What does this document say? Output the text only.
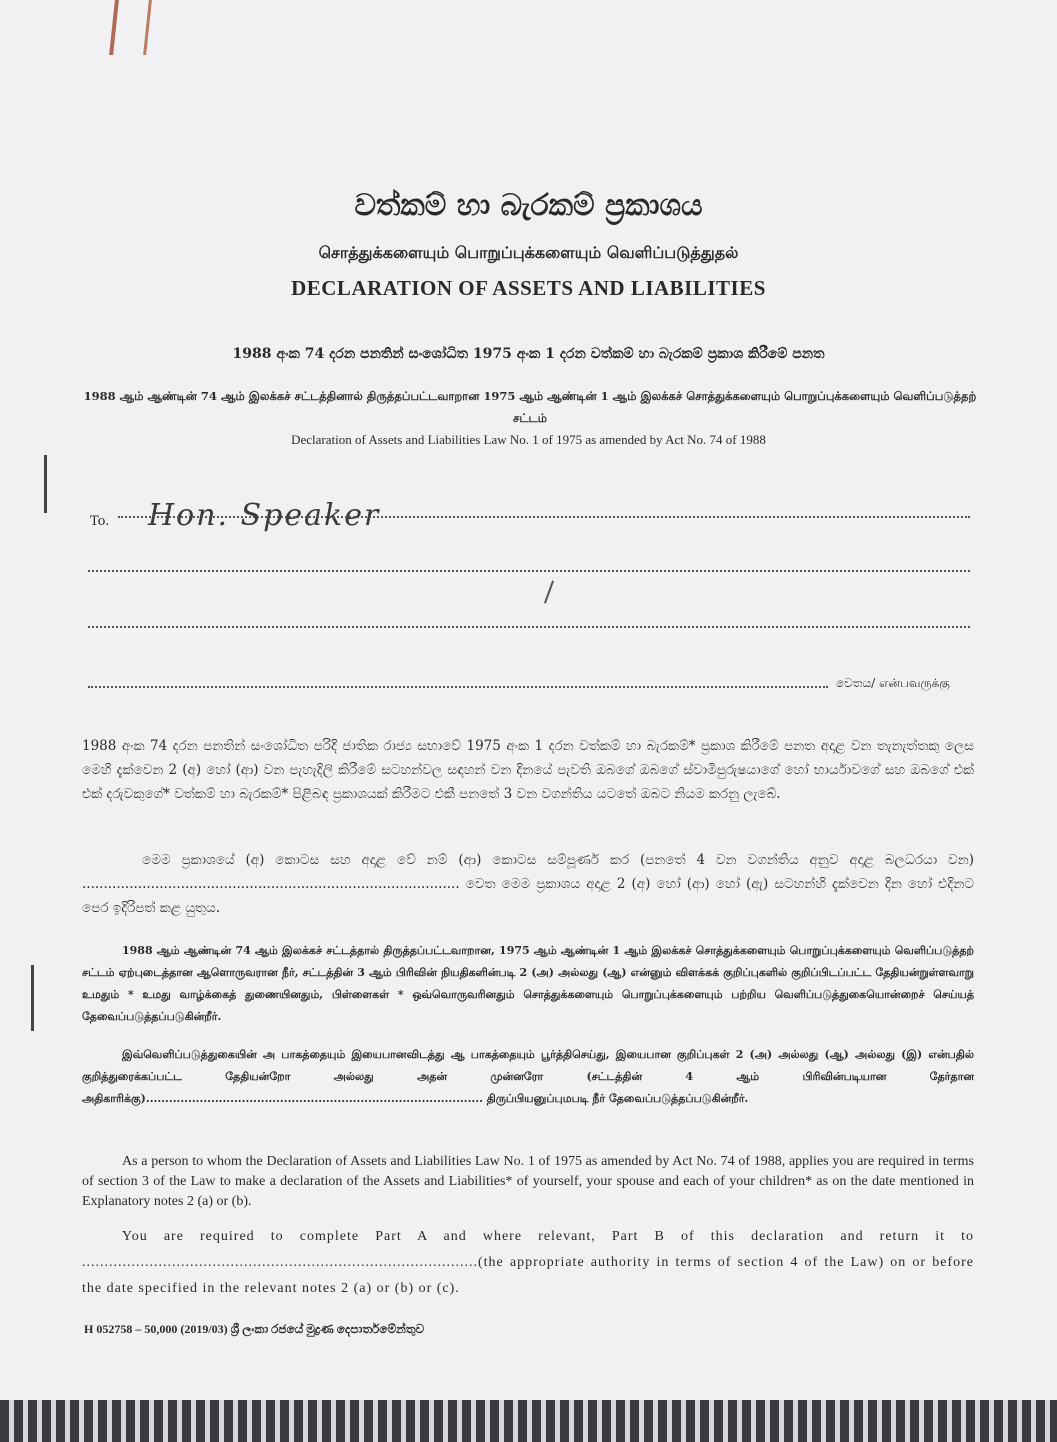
වත්කම් හා බැරකම් ප්‍රකාශය
சொத்துக்களையும் பொறுப்புக்களையும் வெளிப்படுத்துதல்
DECLARATION OF ASSETS AND LIABILITIES
1988 අංක 74 දරන පනතින් සංශෝධිත 1975 අංක 1 දරන වත්කම් හා බැරකම් ප්‍රකාශ කිරීමේ පනත
1988 ஆம் ஆண்டின் 74 ஆம் இலக்கச் சட்டத்தினால் திருத்தப்பட்டவாறான 1975 ஆம் ஆண்டின் 1 ஆம் இலக்கச் சொத்துக்களையும் பொறுப்புக்களையும் வெளிப்படுத்தற் சட்டம்
Declaration of Assets and Liabilities Law No. 1 of 1975 as amended by Act No. 74 of 1988
To. Hon. Speaker
වෙතය/ என்பவருக்கு
1988 අංක 74 දරන පනතින් සංශෝධිත පරිදි ජාතික රාජ්‍ය සභාවේ 1975 අංක 1 දරන වත්කම් හා බැරකම්* ප්‍රකාශ කිරීමේ පනත අදාළ වන තැනැත්තකු ලෙස මෙහි දැක්වෙන 2 (අ) හෝ (ආ) වන පැහැදිලි කිරීමේ සටහන්වල සඳහන් වන දිනයේ පැවති ඔබගේ ඔබගේ ස්වාමිපුරුෂයාගේ හෝ භාර්යාවගේ සහ ඔබගේ එක් එක් දරුවකුගේ* වත්කම් හා බැරකම්* පිළිබඳ ප්‍රකාශයක් කිරීමට එකී පනතේ 3 වන වගන්තිය යටතේ ඔබට නියම කරනු ලැබේ.
මෙම ප්‍රකාශයේ (අ) කොටස සහ අදාළ වේ නම් (ආ) කොටස සම්පූර්ණ කර (පනතේ 4 වන වගන්තිය අනුව අදාළ බලධරයා වන) ........................................................................................ වෙත මෙම ප්‍රකාශය අදාළ 2 (අ) හෝ (ආ) හෝ (ඇ) සටහන්හි දැක්වෙන දින හෝ එදිනට පෙර ඉදිරිපත් කළ යුතුය.
1988 ஆம் ஆண்டின் 74 ஆம் இலக்கச் சட்டத்தால் திருத்தப்பட்டவாறான, 1975 ஆம் ஆண்டின் 1 ஆம் இலக்கச் சொத்துக்களையும் பொறுப்புக்களையும் வெளிப்படுத்தற் சட்டம் ஏற்புடைத்தான ஆளொருவரான நீர், சட்டத்தின் 3 ஆம் பிரிவின் நியதிகளின்படி 2 (அ) அல்லது (ஆ) என்னும் விளக்கக் குறிப்புகளில் குறிப்பிடப்பட்ட தேதியன்றுள்ளவாறு உமதும் * உமது வாழ்க்கைத் துணையினதும், பிள்ளைகள் * ஒவ்வொருவரினதும் சொத்துக்களையும் பொறுப்புக்களையும் பற்றிய வெளிப்படுத்துகையொன்றைச் செய்யத் தேவைப்படுத்தப்படுகின்றீர்.
இவ்வெளிப்படுத்துகையின் அ பாகத்தையும் இயைபானவிடத்து ஆ பாகத்தையும் பூர்த்திசெய்து, இயைபான குறிப்புகள் 2 (அ) அல்லது (ஆ) அல்லது (இ) என்பதில் குறித்துரைக்கப்பட்ட தேதியன்றோ அல்லது அதன் முன்னரோ (சட்டத்தின் 4 ஆம் பிரிவின்படியான தேர்தான அதிகாரிக்கு)........................................................................................ திருப்பியனுப்புமபடி நீர் தேவைப்படுத்தப்படுகின்றீர்.
As a person to whom the Declaration of Assets and Liabilities Law No. 1 of 1975 as amended by Act No. 74 of 1988, applies you are required in terms of section 3 of the Law to make a declaration of the Assets and Liabilities* of yourself, your spouse and each of your children* as on the date mentioned in Explanatory notes 2 (a) or (b).
You are required to complete Part A and where relevant, Part B of this declaration and return it to ........................................................................................(the appropriate authority in terms of section 4 of the Law) on or before the date specified in the relevant notes 2 (a) or (b) or (c).
H 052758 – 50,000 (2019/03) ශ්‍රී ලංකා රජයේ මුද්‍රණ දෙපාර්තමේන්තුව
